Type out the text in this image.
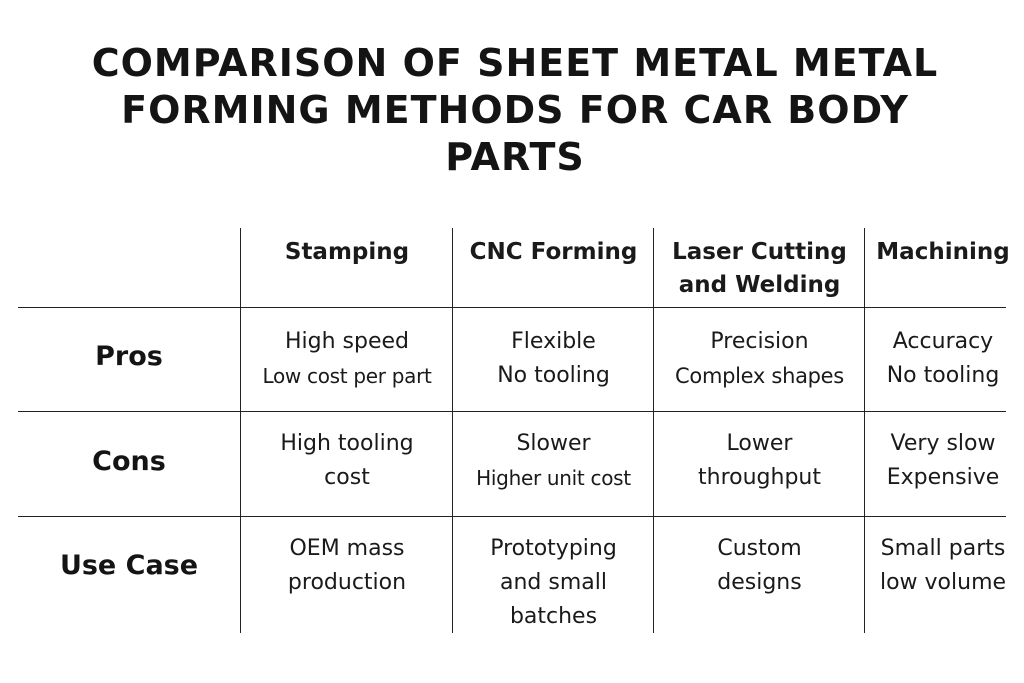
COMPARISON OF SHEET METAL METAL
FORMING METHODS FOR CAR BODY
PARTS
Stamping	CNC Forming	Laser Cutting
and Welding
Machining
Pros
Cons
Use Case
High speed
Low cost per part
Flexible
No tooling
Precision
Complex shapes
Accuracy
No tooling
High tooling
cost
Slower
Higher unit cost
Lower
throughput
Very slow
Expensive
OEM mass
production
Prototyping
and small
batches
Custom
designs
Small parts
low volume
